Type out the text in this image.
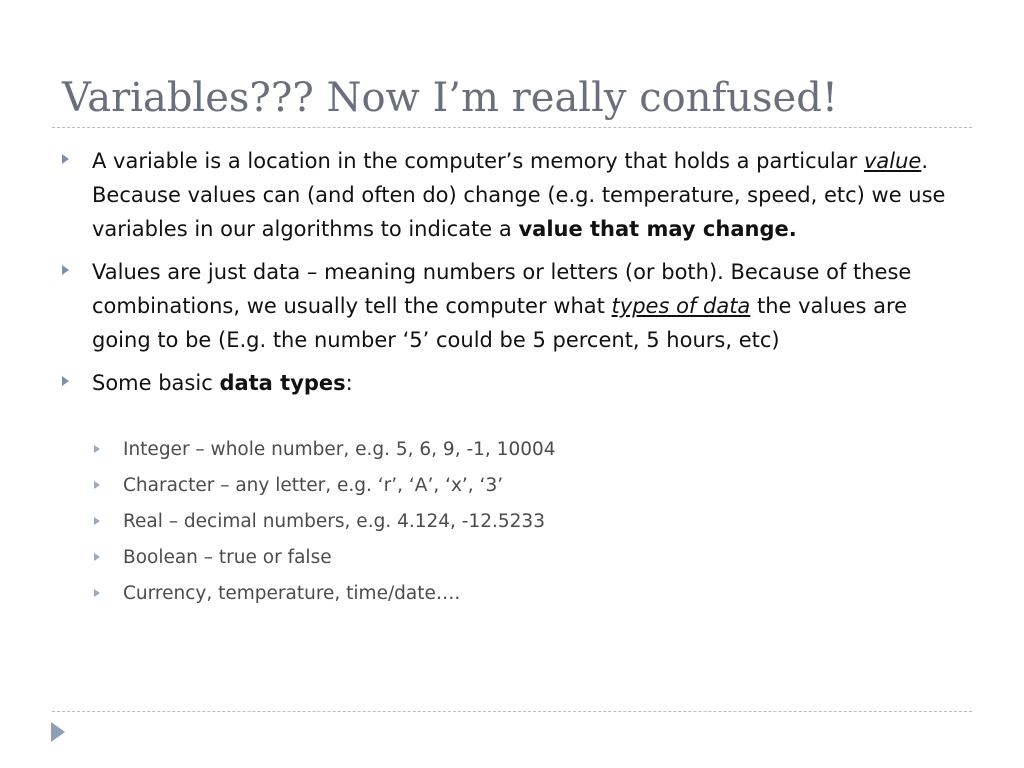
Variables??? Now I’m really confused!
A variable is a location in the computer’s memory that holds a particular value. Because values can (and often do) change (e.g. temperature, speed, etc) we use variables in our algorithms to indicate a value that may change.
Values are just data – meaning numbers or letters (or both). Because of these combinations, we usually tell the computer what types of data the values are going to be (E.g. the number ‘5’ could be 5 percent, 5 hours, etc)
Some basic data types:
Integer – whole number, e.g. 5, 6, 9, -1, 10004
Character – any letter, e.g. ‘r’, ‘A’, ‘x’, ‘3’
Real – decimal numbers, e.g. 4.124, -12.5233
Boolean – true or false
Currency, temperature, time/date….
